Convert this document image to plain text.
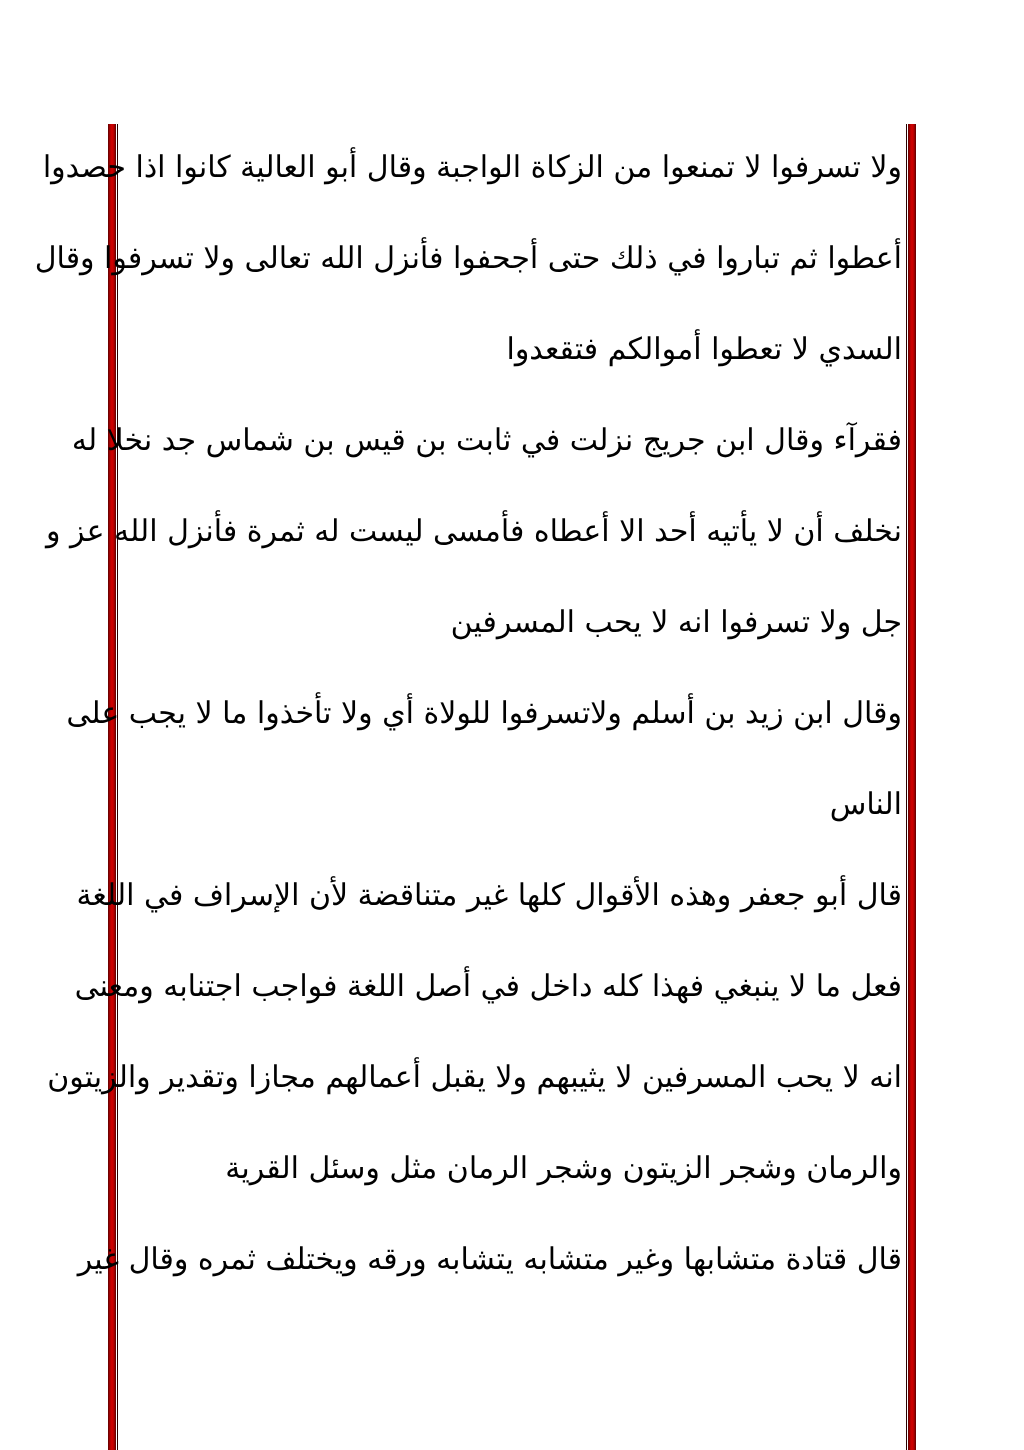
ولا تسرفوا لا تمنعوا من الزكاة الواجبة وقال أبو العالية كانوا اذا حصدوا
أعطوا ثم تباروا في ذلك حتى أجحفوا فأنزل الله تعالى ولا تسرفوا وقال
السدي لا تعطوا أموالكم فتقعدوا
فقرآء وقال ابن جريج نزلت في ثابت بن قيس بن شماس جد نخلا له
نخلف أن لا يأتيه أحد الا أعطاه فأمسى ليست له ثمرة فأنزل الله عز و
جل ولا تسرفوا انه لا يحب المسرفين
وقال ابن زيد بن أسلم ولاتسرفوا للولاة أي ولا تأخذوا ما لا يجب على
الناس
قال أبو جعفر وهذه الأقوال كلها غير متناقضة لأن الإسراف في اللغة
فعل ما لا ينبغي فهذا كله داخل في أصل اللغة فواجب اجتنابه ومعنى
انه لا يحب المسرفين لا يثيبهم ولا يقبل أعمالهم مجازا وتقدير والزيتون
والرمان وشجر الزيتون وشجر الرمان مثل وسئل القرية
قال قتادة متشابها وغير متشابه يتشابه ورقه ويختلف ثمره وقال غير
